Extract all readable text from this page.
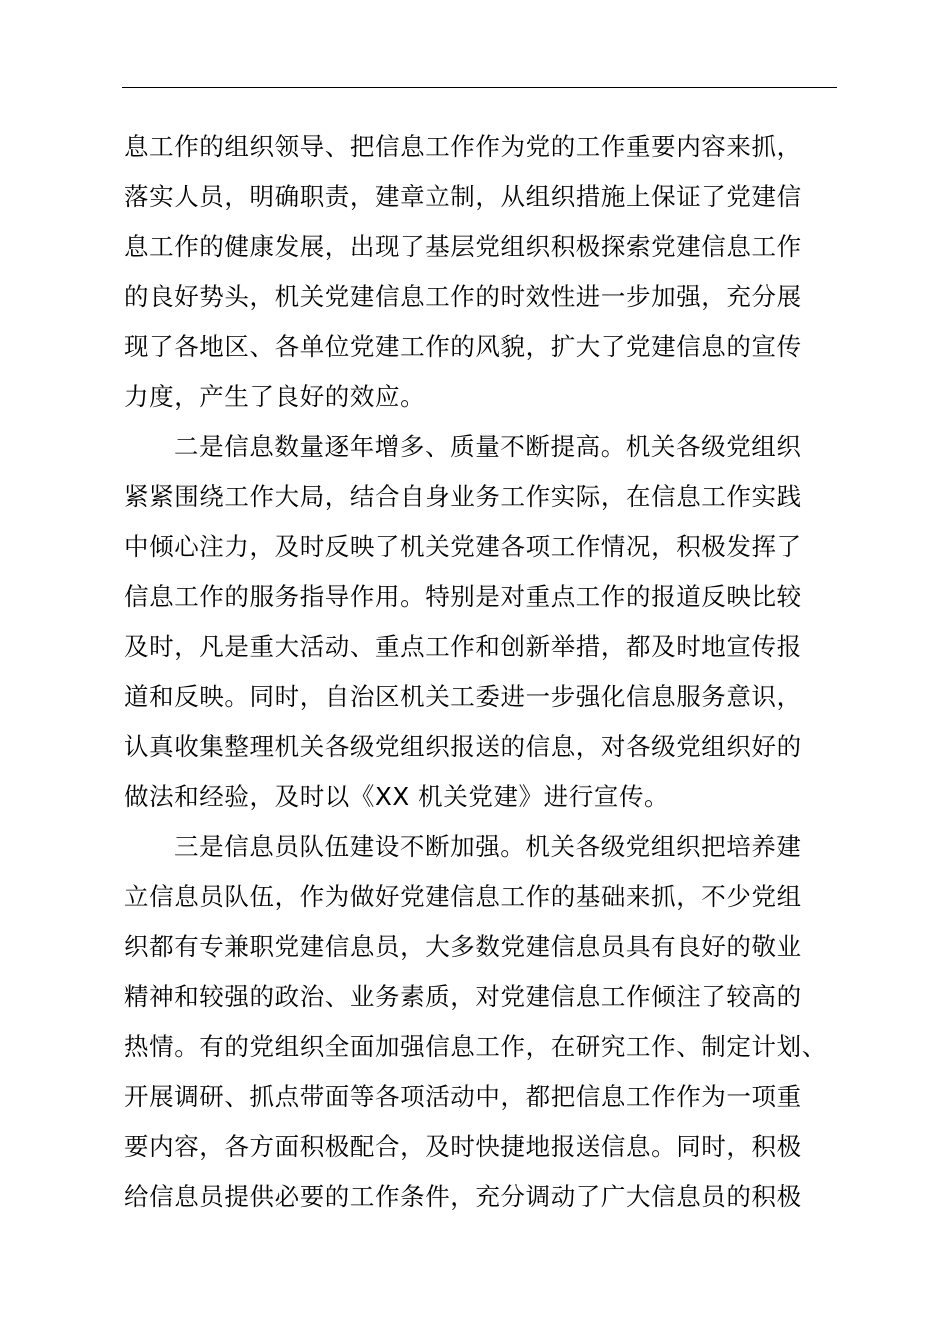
息工作的组织领导、把信息工作作为党的工作重要内容来抓，
落实人员，明确职责，建章立制，从组织措施上保证了党建信
息工作的健康发展，出现了基层党组织积极探索党建信息工作
的良好势头，机关党建信息工作的时效性进一步加强，充分展
现了各地区、各单位党建工作的风貌，扩大了党建信息的宣传
力度，产生了良好的效应。
二是信息数量逐年增多、质量不断提高。机关各级党组织
紧紧围绕工作大局，结合自身业务工作实际，在信息工作实践
中倾心注力，及时反映了机关党建各项工作情况，积极发挥了
信息工作的服务指导作用。特别是对重点工作的报道反映比较
及时，凡是重大活动、重点工作和创新举措，都及时地宣传报
道和反映。同时，自治区机关工委进一步强化信息服务意识，
认真收集整理机关各级党组织报送的信息，对各级党组织好的
做法和经验，及时以《XX 机关党建》进行宣传。
三是信息员队伍建设不断加强。机关各级党组织把培养建
立信息员队伍，作为做好党建信息工作的基础来抓，不少党组
织都有专兼职党建信息员，大多数党建信息员具有良好的敬业
精神和较强的政治、业务素质，对党建信息工作倾注了较高的
热情。有的党组织全面加强信息工作，在研究工作、制定计划、
开展调研、抓点带面等各项活动中，都把信息工作作为一项重
要内容，各方面积极配合，及时快捷地报送信息。同时，积极
给信息员提供必要的工作条件，充分调动了广大信息员的积极
